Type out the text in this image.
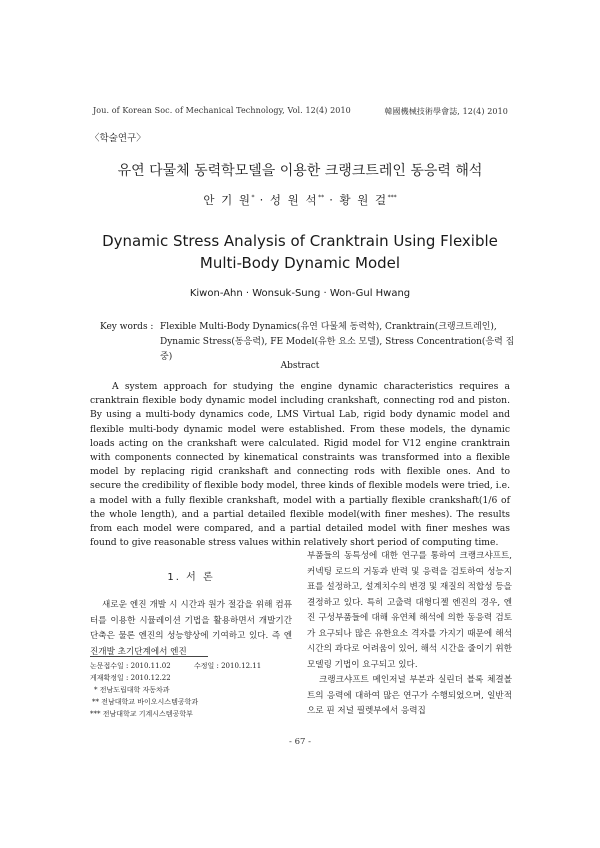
Jou. of Korean Soc. of Mechanical Technology, Vol. 12(4) 2010	韓國機械技術學會誌, 12(4) 2010
〈학술연구〉
유연 다물체 동력학모델을 이용한 크랭크트레인 동응력 해석
안 기 원* · 성 원 석** · 황 원 걸***
Dynamic Stress Analysis of Cranktrain Using Flexible
Multi-Body Dynamic Model
Kiwon-Ahn · Wonsuk-Sung · Won-Gul Hwang
Key words : Flexible Multi-Body Dynamics(유연 다물체 동력학), Cranktrain(크랭크트레인),
Dynamic Stress(동응력), FE Model(유한 요소 모델), Stress Concentration(응력 집중)
Abstract
A system approach for studying the engine dynamic characteristics requires a cranktrain flexible body dynamic model including crankshaft, connecting rod and piston. By using a multi-body dynamics code, LMS Virtual Lab, rigid body dynamic model and flexible multi-body dynamic model were established. From these models, the dynamic loads acting on the crankshaft were calculated. Rigid model for V12 engine cranktrain with components connected by kinematical constraints was transformed into a flexible model by replacing rigid crankshaft and connecting rods with flexible ones. And to secure the credibility of flexible body model, three kinds of flexible models were tried, i.e. a model with a fully flexible crankshaft, model with a partially flexible crankshaft(1/6 of the whole length), and a partial detailed flexible model(with finer meshes). The results from each model were compared, and a partial detailed model with finer meshes was found to give reasonable stress values within relatively short period of computing time.
1. 서 론
새로운 엔진 개발 시 시간과 원가 절감을 위해 컴퓨터를 이용한 시뮬레이션 기법을 활용하면서 개발기간 단축은 물론 엔진의 성능향상에 기여하고 있다. 즉 엔진개발 초기단계에서 엔진
논문접수일 : 2010.11.02	수정일 : 2010.12.11
게재확정일 : 2010.12.22
* 전남도립대학 자동차과
** 전남대학교 바이오시스템공학과
*** 전남대학교 기계시스템공학부

부품들의 동특성에 대한 연구를 통하여 크랭크샤프트, 커넥팅 로드의 거동과 반력 및 응력을 검토하여 성능지표를 설정하고, 설계치수의 변경 및 재질의 적합성 등을 결정하고 있다. 특히 고출력 대형디젤 엔진의 경우, 엔진 구성부품들에 대해 유연체 해석에 의한 동응력 검토가 요구되나 많은 유한요소 격자를 가지기 때문에 해석 시간의 과다로 어려움이 있어, 해석 시간을 줄이기 위한 모델링 기법이 요구되고 있다.

크랭크샤프트 메인저널 부분과 실린더 블록 체결볼트의 응력에 대하여 많은 연구가 수행되었으며, 일반적으로 핀 저널 필렛부에서 응력집

- 67 -
